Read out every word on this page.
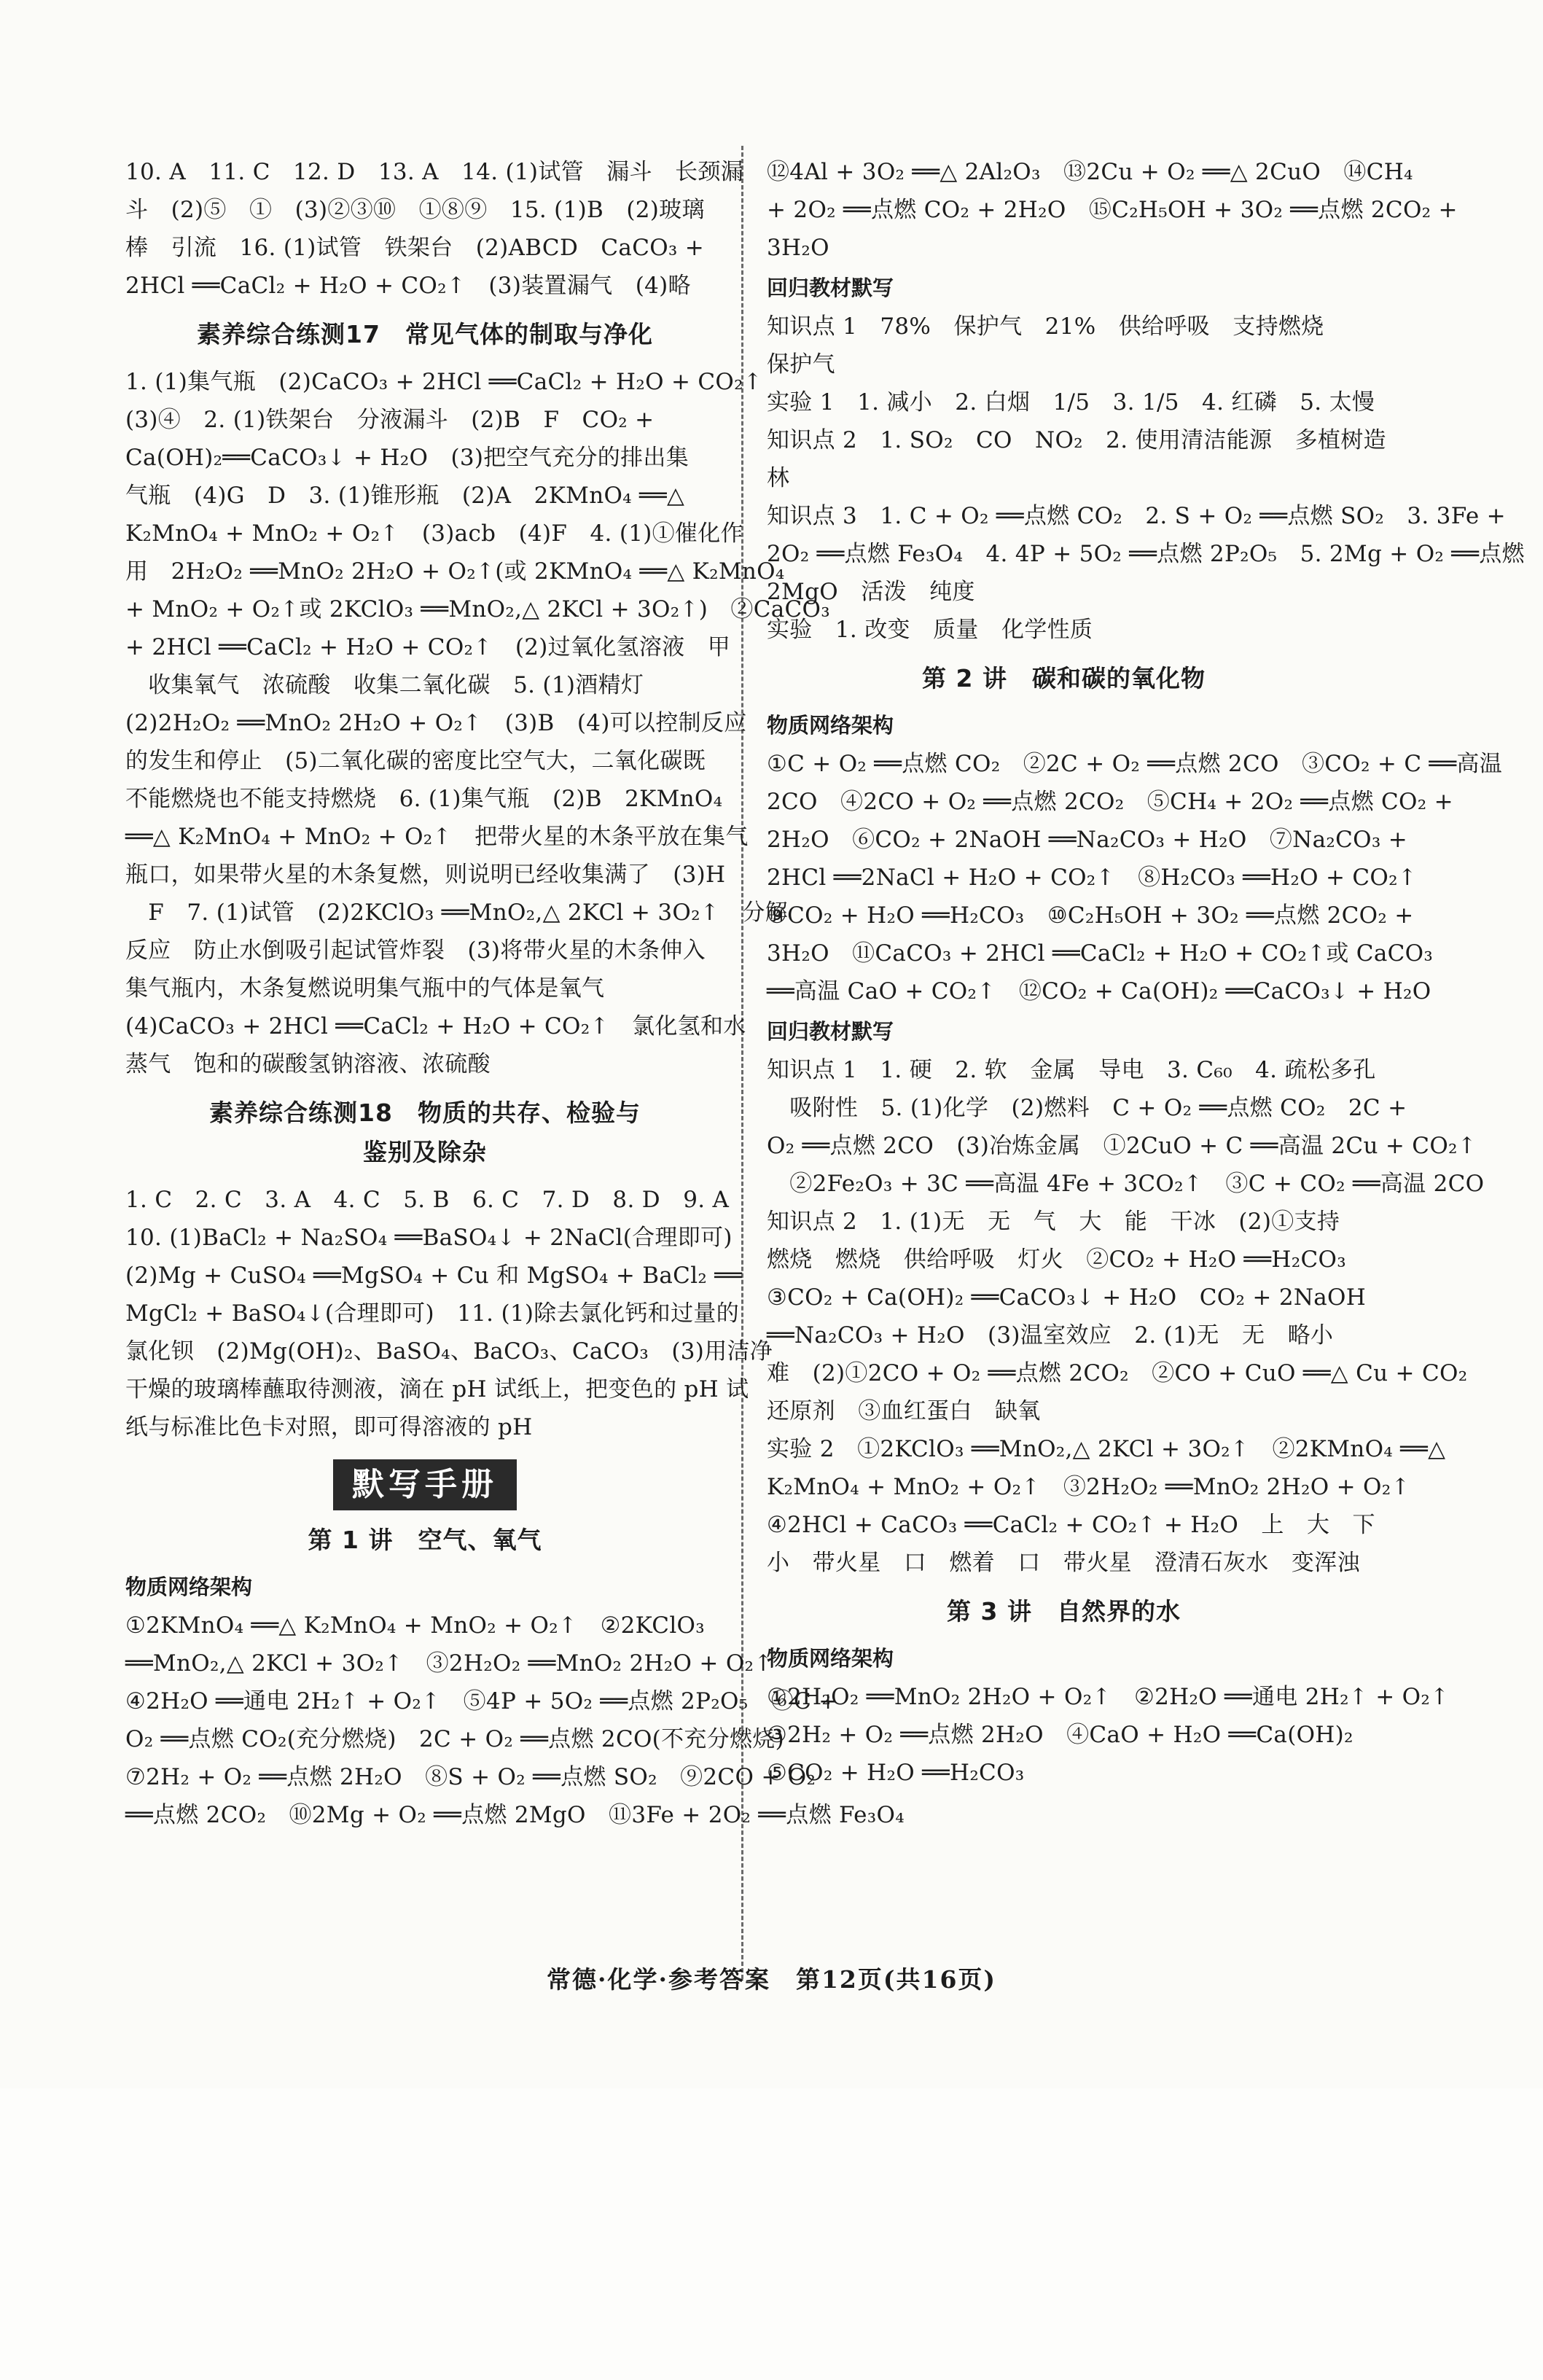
10. A　11. C　12. D　13. A　14. (1)试管　漏斗　长颈漏

斗　(2)⑤　①　(3)②③⑩　①⑧⑨　15. (1)B　(2)玻璃

棒　引流　16. (1)试管　铁架台　(2)ABCD　CaCO₃ +

2HCl ══CaCl₂ + H₂O + CO₂↑　(3)装置漏气　(4)略

素养综合练测17　常见气体的制取与净化

1. (1)集气瓶　(2)CaCO₃ + 2HCl ══CaCl₂ + H₂O + CO₂↑

(3)④　2. (1)铁架台　分液漏斗　(2)B　F　CO₂ +

Ca(OH)₂══CaCO₃↓ + H₂O　(3)把空气充分的排出集

气瓶　(4)G　D　3. (1)锥形瓶　(2)A　2KMnO₄ ══△

K₂MnO₄ + MnO₂ + O₂↑　(3)acb　(4)F　4. (1)①催化作

用　2H₂O₂ ══MnO₂ 2H₂O + O₂↑(或 2KMnO₄ ══△ K₂MnO₄

+ MnO₂ + O₂↑或 2KClO₃ ══MnO₂,△ 2KCl + 3O₂↑)　②CaCO₃

+ 2HCl ══CaCl₂ + H₂O + CO₂↑　(2)过氧化氢溶液　甲

　收集氧气　浓硫酸　收集二氧化碳　5. (1)酒精灯

(2)2H₂O₂ ══MnO₂ 2H₂O + O₂↑　(3)B　(4)可以控制反应

的发生和停止　(5)二氧化碳的密度比空气大，二氧化碳既

不能燃烧也不能支持燃烧　6. (1)集气瓶　(2)B　2KMnO₄

══△ K₂MnO₄ + MnO₂ + O₂↑　把带火星的木条平放在集气

瓶口，如果带火星的木条复燃，则说明已经收集满了　(3)H

　F　7. (1)试管　(2)2KClO₃ ══MnO₂,△ 2KCl + 3O₂↑　分解

反应　防止水倒吸引起试管炸裂　(3)将带火星的木条伸入

集气瓶内，木条复燃说明集气瓶中的气体是氧气

(4)CaCO₃ + 2HCl ══CaCl₂ + H₂O + CO₂↑　氯化氢和水

蒸气　饱和的碳酸氢钠溶液、浓硫酸

素养综合练测18　物质的共存、检验与
鉴别及除杂

1. C　2. C　3. A　4. C　5. B　6. C　7. D　8. D　9. A

10. (1)BaCl₂ + Na₂SO₄ ══BaSO₄↓ + 2NaCl(合理即可)

(2)Mg + CuSO₄ ══MgSO₄ + Cu 和 MgSO₄ + BaCl₂ ══

MgCl₂ + BaSO₄↓(合理即可)　11. (1)除去氯化钙和过量的

氯化钡　(2)Mg(OH)₂、BaSO₄、BaCO₃、CaCO₃　(3)用洁净

干燥的玻璃棒蘸取待测液，滴在 pH 试纸上，把变色的 pH 试

纸与标准比色卡对照，即可得溶液的 pH

默写手册
第 1 讲　空气、氧气
物质网络架构

①2KMnO₄ ══△ K₂MnO₄ + MnO₂ + O₂↑　②2KClO₃

══MnO₂,△ 2KCl + 3O₂↑　③2H₂O₂ ══MnO₂ 2H₂O + O₂↑

④2H₂O ══通电 2H₂↑ + O₂↑　⑤4P + 5O₂ ══点燃 2P₂O₅　⑥C +

O₂ ══点燃 CO₂(充分燃烧)　2C + O₂ ══点燃 2CO(不充分燃烧)

⑦2H₂ + O₂ ══点燃 2H₂O　⑧S + O₂ ══点燃 SO₂　⑨2CO + O₂

══点燃 2CO₂　⑩2Mg + O₂ ══点燃 2MgO　⑪3Fe + 2O₂ ══点燃 Fe₃O₄

⑫4Al + 3O₂ ══△ 2Al₂O₃　⑬2Cu + O₂ ══△ 2CuO　⑭CH₄

+ 2O₂ ══点燃 CO₂ + 2H₂O　⑮C₂H₅OH + 3O₂ ══点燃 2CO₂ +

3H₂O

回归教材默写

知识点 1　78%　保护气　21%　供给呼吸　支持燃烧

保护气

实验 1　1. 减小　2. 白烟　1/5　3. 1/5　4. 红磷　5. 太慢

知识点 2　1. SO₂　CO　NO₂　2. 使用清洁能源　多植树造

林

知识点 3　1. C + O₂ ══点燃 CO₂　2. S + O₂ ══点燃 SO₂　3. 3Fe +

2O₂ ══点燃 Fe₃O₄　4. 4P + 5O₂ ══点燃 2P₂O₅　5. 2Mg + O₂ ══点燃

2MgO　活泼　纯度

实验　1. 改变　质量　化学性质

第 2 讲　碳和碳的氧化物
物质网络架构

①C + O₂ ══点燃 CO₂　②2C + O₂ ══点燃 2CO　③CO₂ + C ══高温

2CO　④2CO + O₂ ══点燃 2CO₂　⑤CH₄ + 2O₂ ══点燃 CO₂ +

2H₂O　⑥CO₂ + 2NaOH ══Na₂CO₃ + H₂O　⑦Na₂CO₃ +

2HCl ══2NaCl + H₂O + CO₂↑　⑧H₂CO₃ ══H₂O + CO₂↑

⑨CO₂ + H₂O ══H₂CO₃　⑩C₂H₅OH + 3O₂ ══点燃 2CO₂ +

3H₂O　⑪CaCO₃ + 2HCl ══CaCl₂ + H₂O + CO₂↑或 CaCO₃

══高温 CaO + CO₂↑　⑫CO₂ + Ca(OH)₂ ══CaCO₃↓ + H₂O

回归教材默写

知识点 1　1. 硬　2. 软　金属　导电　3. C₆₀　4. 疏松多孔

　吸附性　5. (1)化学　(2)燃料　C + O₂ ══点燃 CO₂　2C +

O₂ ══点燃 2CO　(3)冶炼金属　①2CuO + C ══高温 2Cu + CO₂↑

　②2Fe₂O₃ + 3C ══高温 4Fe + 3CO₂↑　③C + CO₂ ══高温 2CO

知识点 2　1. (1)无　无　气　大　能　干冰　(2)①支持

燃烧　燃烧　供给呼吸　灯火　②CO₂ + H₂O ══H₂CO₃

③CO₂ + Ca(OH)₂ ══CaCO₃↓ + H₂O　CO₂ + 2NaOH

══Na₂CO₃ + H₂O　(3)温室效应　2. (1)无　无　略小

难　(2)①2CO + O₂ ══点燃 2CO₂　②CO + CuO ══△ Cu + CO₂

还原剂　③血红蛋白　缺氧

实验 2　①2KClO₃ ══MnO₂,△ 2KCl + 3O₂↑　②2KMnO₄ ══△

K₂MnO₄ + MnO₂ + O₂↑　③2H₂O₂ ══MnO₂ 2H₂O + O₂↑

④2HCl + CaCO₃ ══CaCl₂ + CO₂↑ + H₂O　上　大　下

小　带火星　口　燃着　口　带火星　澄清石灰水　变浑浊

第 3 讲　自然界的水
物质网络架构

①2H₂O₂ ══MnO₂ 2H₂O + O₂↑　②2H₂O ══通电 2H₂↑ + O₂↑

③2H₂ + O₂ ══点燃 2H₂O　④CaO + H₂O ══Ca(OH)₂

⑤CO₂ + H₂O ══H₂CO₃

常德·化学·参考答案　第12页(共16页)
